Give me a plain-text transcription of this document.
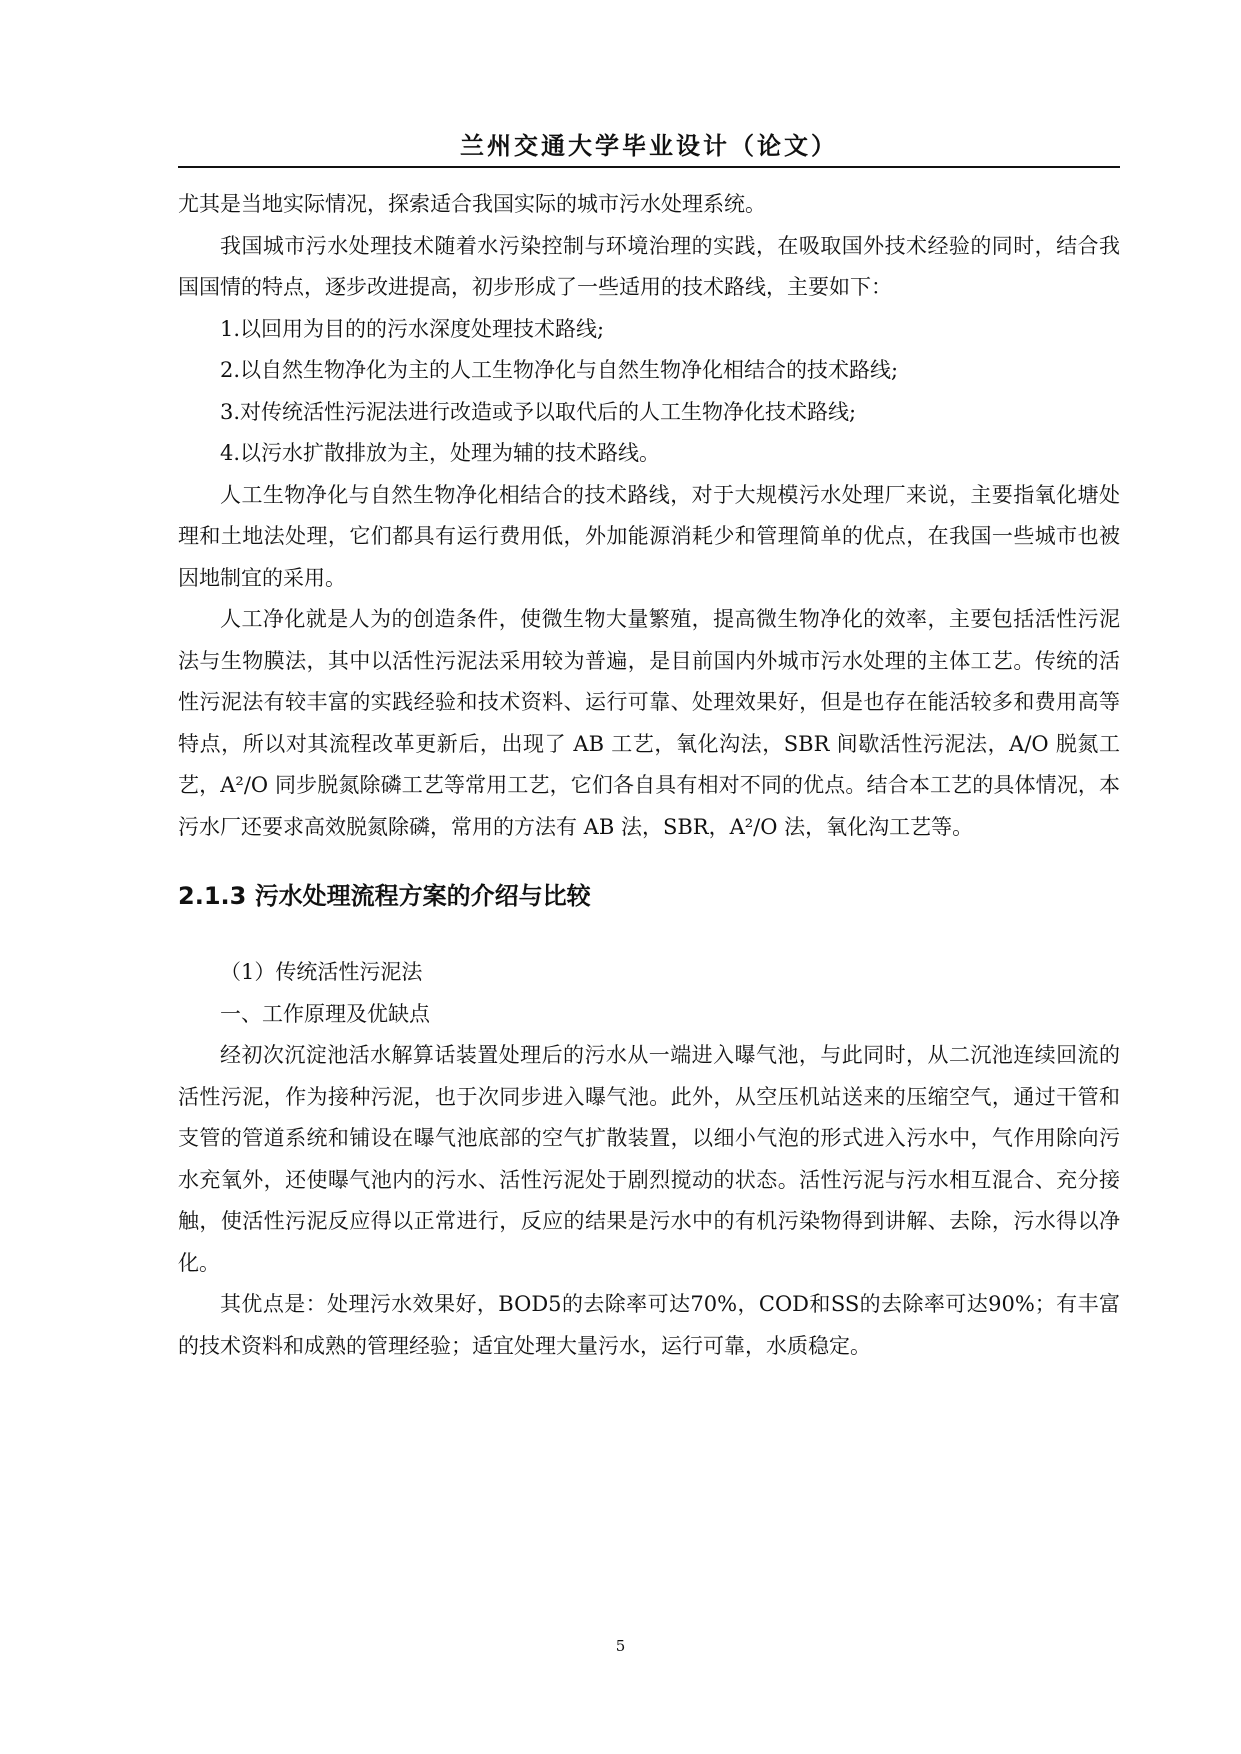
兰州交通大学毕业设计（论文）

尤其是当地实际情况，探索适合我国实际的城市污水处理系统。

我国城市污水处理技术随着水污染控制与环境治理的实践，在吸取国外技术经验的同时，结合我国国情的特点，逐步改进提高，初步形成了一些适用的技术路线，主要如下：

1.以回用为目的的污水深度处理技术路线;

2.以自然生物净化为主的人工生物净化与自然生物净化相结合的技术路线;

3.对传统活性污泥法进行改造或予以取代后的人工生物净化技术路线;

4.以污水扩散排放为主，处理为辅的技术路线。

人工生物净化与自然生物净化相结合的技术路线，对于大规模污水处理厂来说，主要指氧化塘处理和土地法处理，它们都具有运行费用低，外加能源消耗少和管理简单的优点，在我国一些城市也被因地制宜的采用。

人工净化就是人为的创造条件，使微生物大量繁殖，提高微生物净化的效率，主要包括活性污泥法与生物膜法，其中以活性污泥法采用较为普遍，是目前国内外城市污水处理的主体工艺。传统的活性污泥法有较丰富的实践经验和技术资料、运行可靠、处理效果好，但是也存在能活较多和费用高等特点，所以对其流程改革更新后，出现了 AB 工艺，氧化沟法，SBR 间歇活性污泥法，A/O 脱氮工艺，A²/O 同步脱氮除磷工艺等常用工艺，它们各自具有相对不同的优点。结合本工艺的具体情况，本污水厂还要求高效脱氮除磷，常用的方法有 AB 法，SBR，A²/O 法，氧化沟工艺等。

2.1.3 污水处理流程方案的介绍与比较

（1）传统活性污泥法

一、工作原理及优缺点

经初次沉淀池活水解算话装置处理后的污水从一端进入曝气池，与此同时，从二沉池连续回流的活性污泥，作为接种污泥，也于次同步进入曝气池。此外，从空压机站送来的压缩空气，通过干管和支管的管道系统和铺设在曝气池底部的空气扩散装置，以细小气泡的形式进入污水中，气作用除向污水充氧外，还使曝气池内的污水、活性污泥处于剧烈搅动的状态。活性污泥与污水相互混合、充分接触，使活性污泥反应得以正常进行，反应的结果是污水中的有机污染物得到讲解、去除，污水得以净化。

其优点是：处理污水效果好，BOD5的去除率可达70%，COD和SS的去除率可达90%；有丰富的技术资料和成熟的管理经验；适宜处理大量污水，运行可靠，水质稳定。

5
